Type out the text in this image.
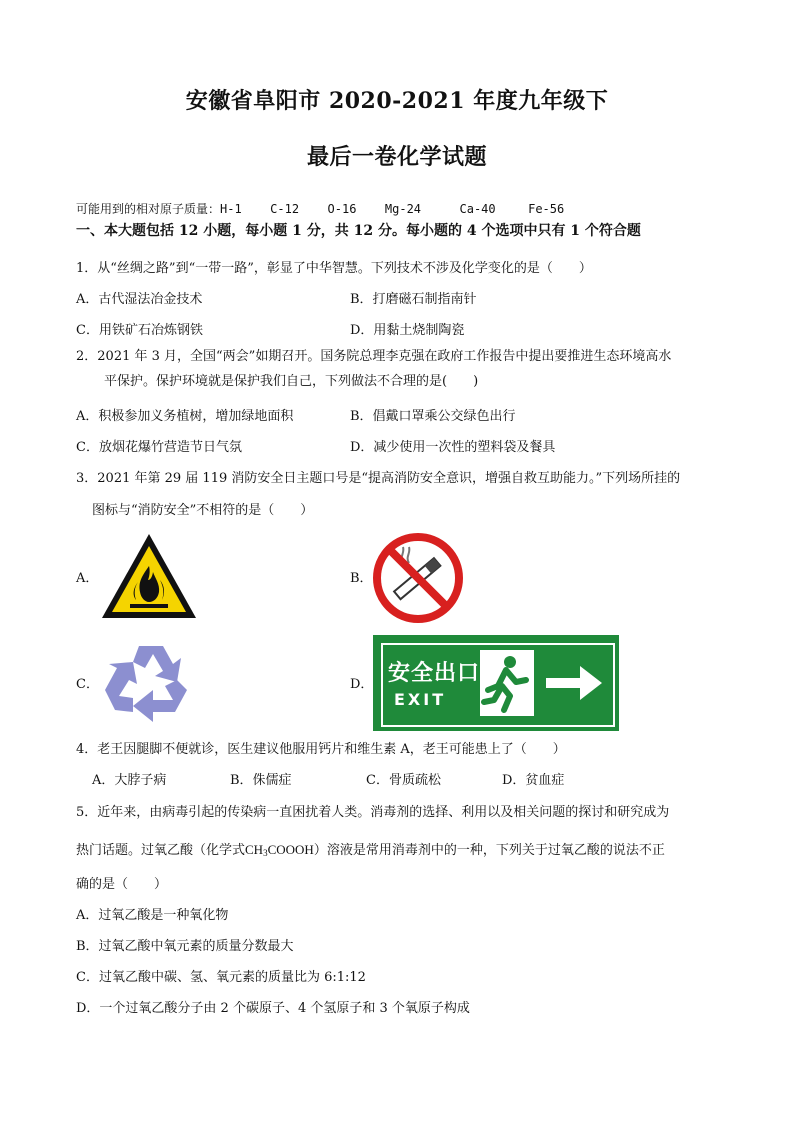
安徽省阜阳市 2020-2021 年度九年级下
最后一卷化学试题
可能用到的相对原子质量：H-1 C-12 O-16 Mg-24	Ca-40	Fe-56
一、本大题包括 12 小题，每小题 1 分，共 12 分。每小题的 4 个选项中只有 1 个符合题
1．从“丝绸之路”到“一带一路”，彰显了中华智慧。下列技术不涉及化学变化的是（　　）
A．古代湿法冶金技术	B．打磨磁石制指南针
C．用铁矿石冶炼钢铁	D．用黏土烧制陶瓷
2．2021 年 3 月，全国“两会”如期召开。国务院总理李克强在政府工作报告中提出要推进生态环境高水
平保护。保护环境就是保护我们自己，下列做法不合理的是(　　)
A．积极参加义务植树，增加绿地面积	B．倡戴口罩乘公交绿色出行
C．放烟花爆竹营造节日气氛	D．减少使用一次性的塑料袋及餐具
3．2021 年第 29 届 119 消防安全日主题口号是“提高消防安全意识，增强自救互助能力。”下列场所挂的
图标与“消防安全”不相符的是（　　）
A．	B．
C．	D． 安全出口
EXIT
4．老王因腿脚不便就诊，医生建议他服用钙片和维生素 A，老王可能患上了（　　）
A．大脖子病	B．侏儒症	C．骨质疏松	D．贫血症
5．近年来，由病毒引起的传染病一直困扰着人类。消毒剂的选择、利用以及相关问题的探讨和研究成为
热门话题。过氧乙酸（化学式$CH_3COOOH$）溶液是常用消毒剂中的一种，下列关于过氧乙酸的说法不正
确的是（　　）
A．过氧乙酸是一种氧化物
B．过氧乙酸中氧元素的质量分数最大
C．过氧乙酸中碳、氢、氧元素的质量比为 6:1:12
D．一个过氧乙酸分子由 2 个碳原子、4 个氢原子和 3 个氧原子构成
